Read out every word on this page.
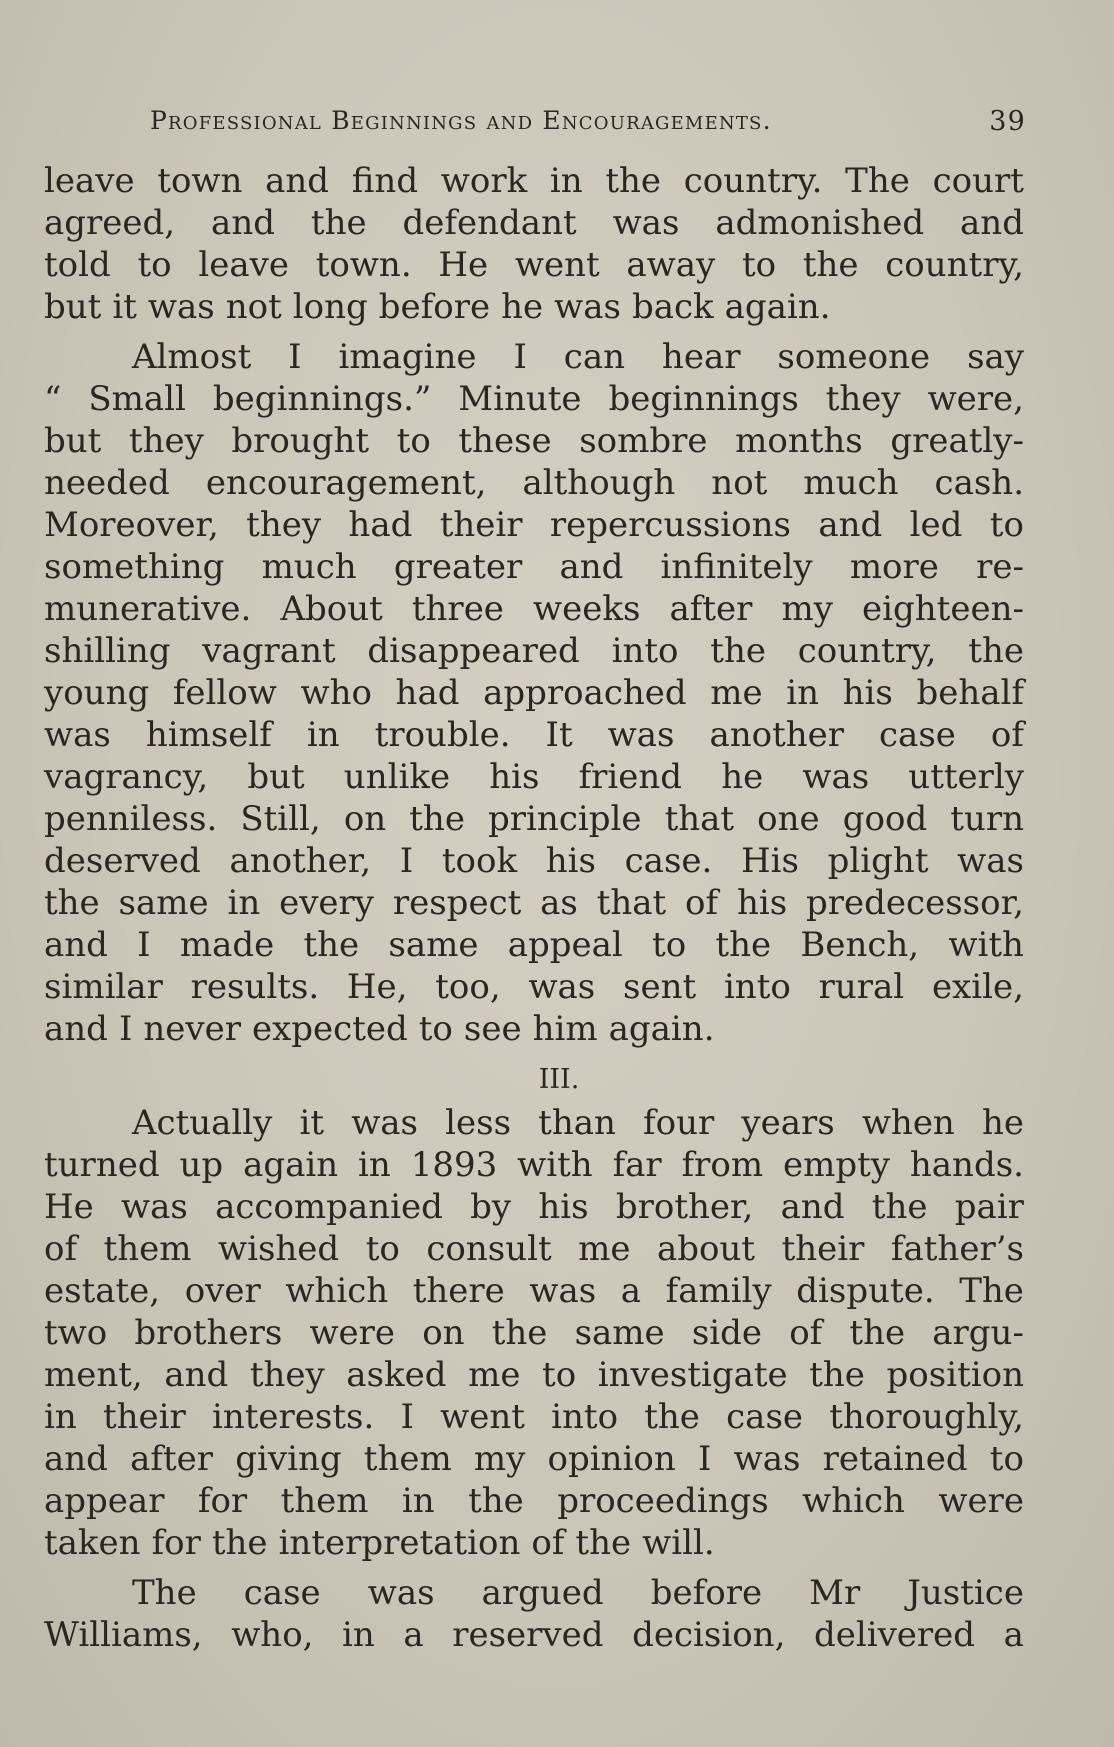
Professional Beginnings and Encouragements.	39
leave town and find work in the country. The court
agreed, and the defendant was admonished and
told to leave town. He went away to the country,
but it was not long before he was back again.
Almost I imagine I can hear someone say
“ Small beginnings.” Minute beginnings they were,
but they brought to these sombre months greatly-
needed encouragement, although not much cash.
Moreover, they had their repercussions and led to
something much greater and infinitely more re-
munerative. About three weeks after my eighteen-
shilling vagrant disappeared into the country, the
young fellow who had approached me in his behalf
was himself in trouble. It was another case of
vagrancy, but unlike his friend he was utterly
penniless. Still, on the principle that one good turn
deserved another, I took his case. His plight was
the same in every respect as that of his predecessor,
and I made the same appeal to the Bench, with
similar results. He, too, was sent into rural exile,
and I never expected to see him again.
III.
Actually it was less than four years when he
turned up again in 1893 with far from empty hands.
He was accompanied by his brother, and the pair
of them wished to consult me about their father’s
estate, over which there was a family dispute. The
two brothers were on the same side of the argu-
ment, and they asked me to investigate the position
in their interests. I went into the case thoroughly,
and after giving them my opinion I was retained to
appear for them in the proceedings which were
taken for the interpretation of the will.
The case was argued before Mr Justice
Williams, who, in a reserved decision, delivered a
